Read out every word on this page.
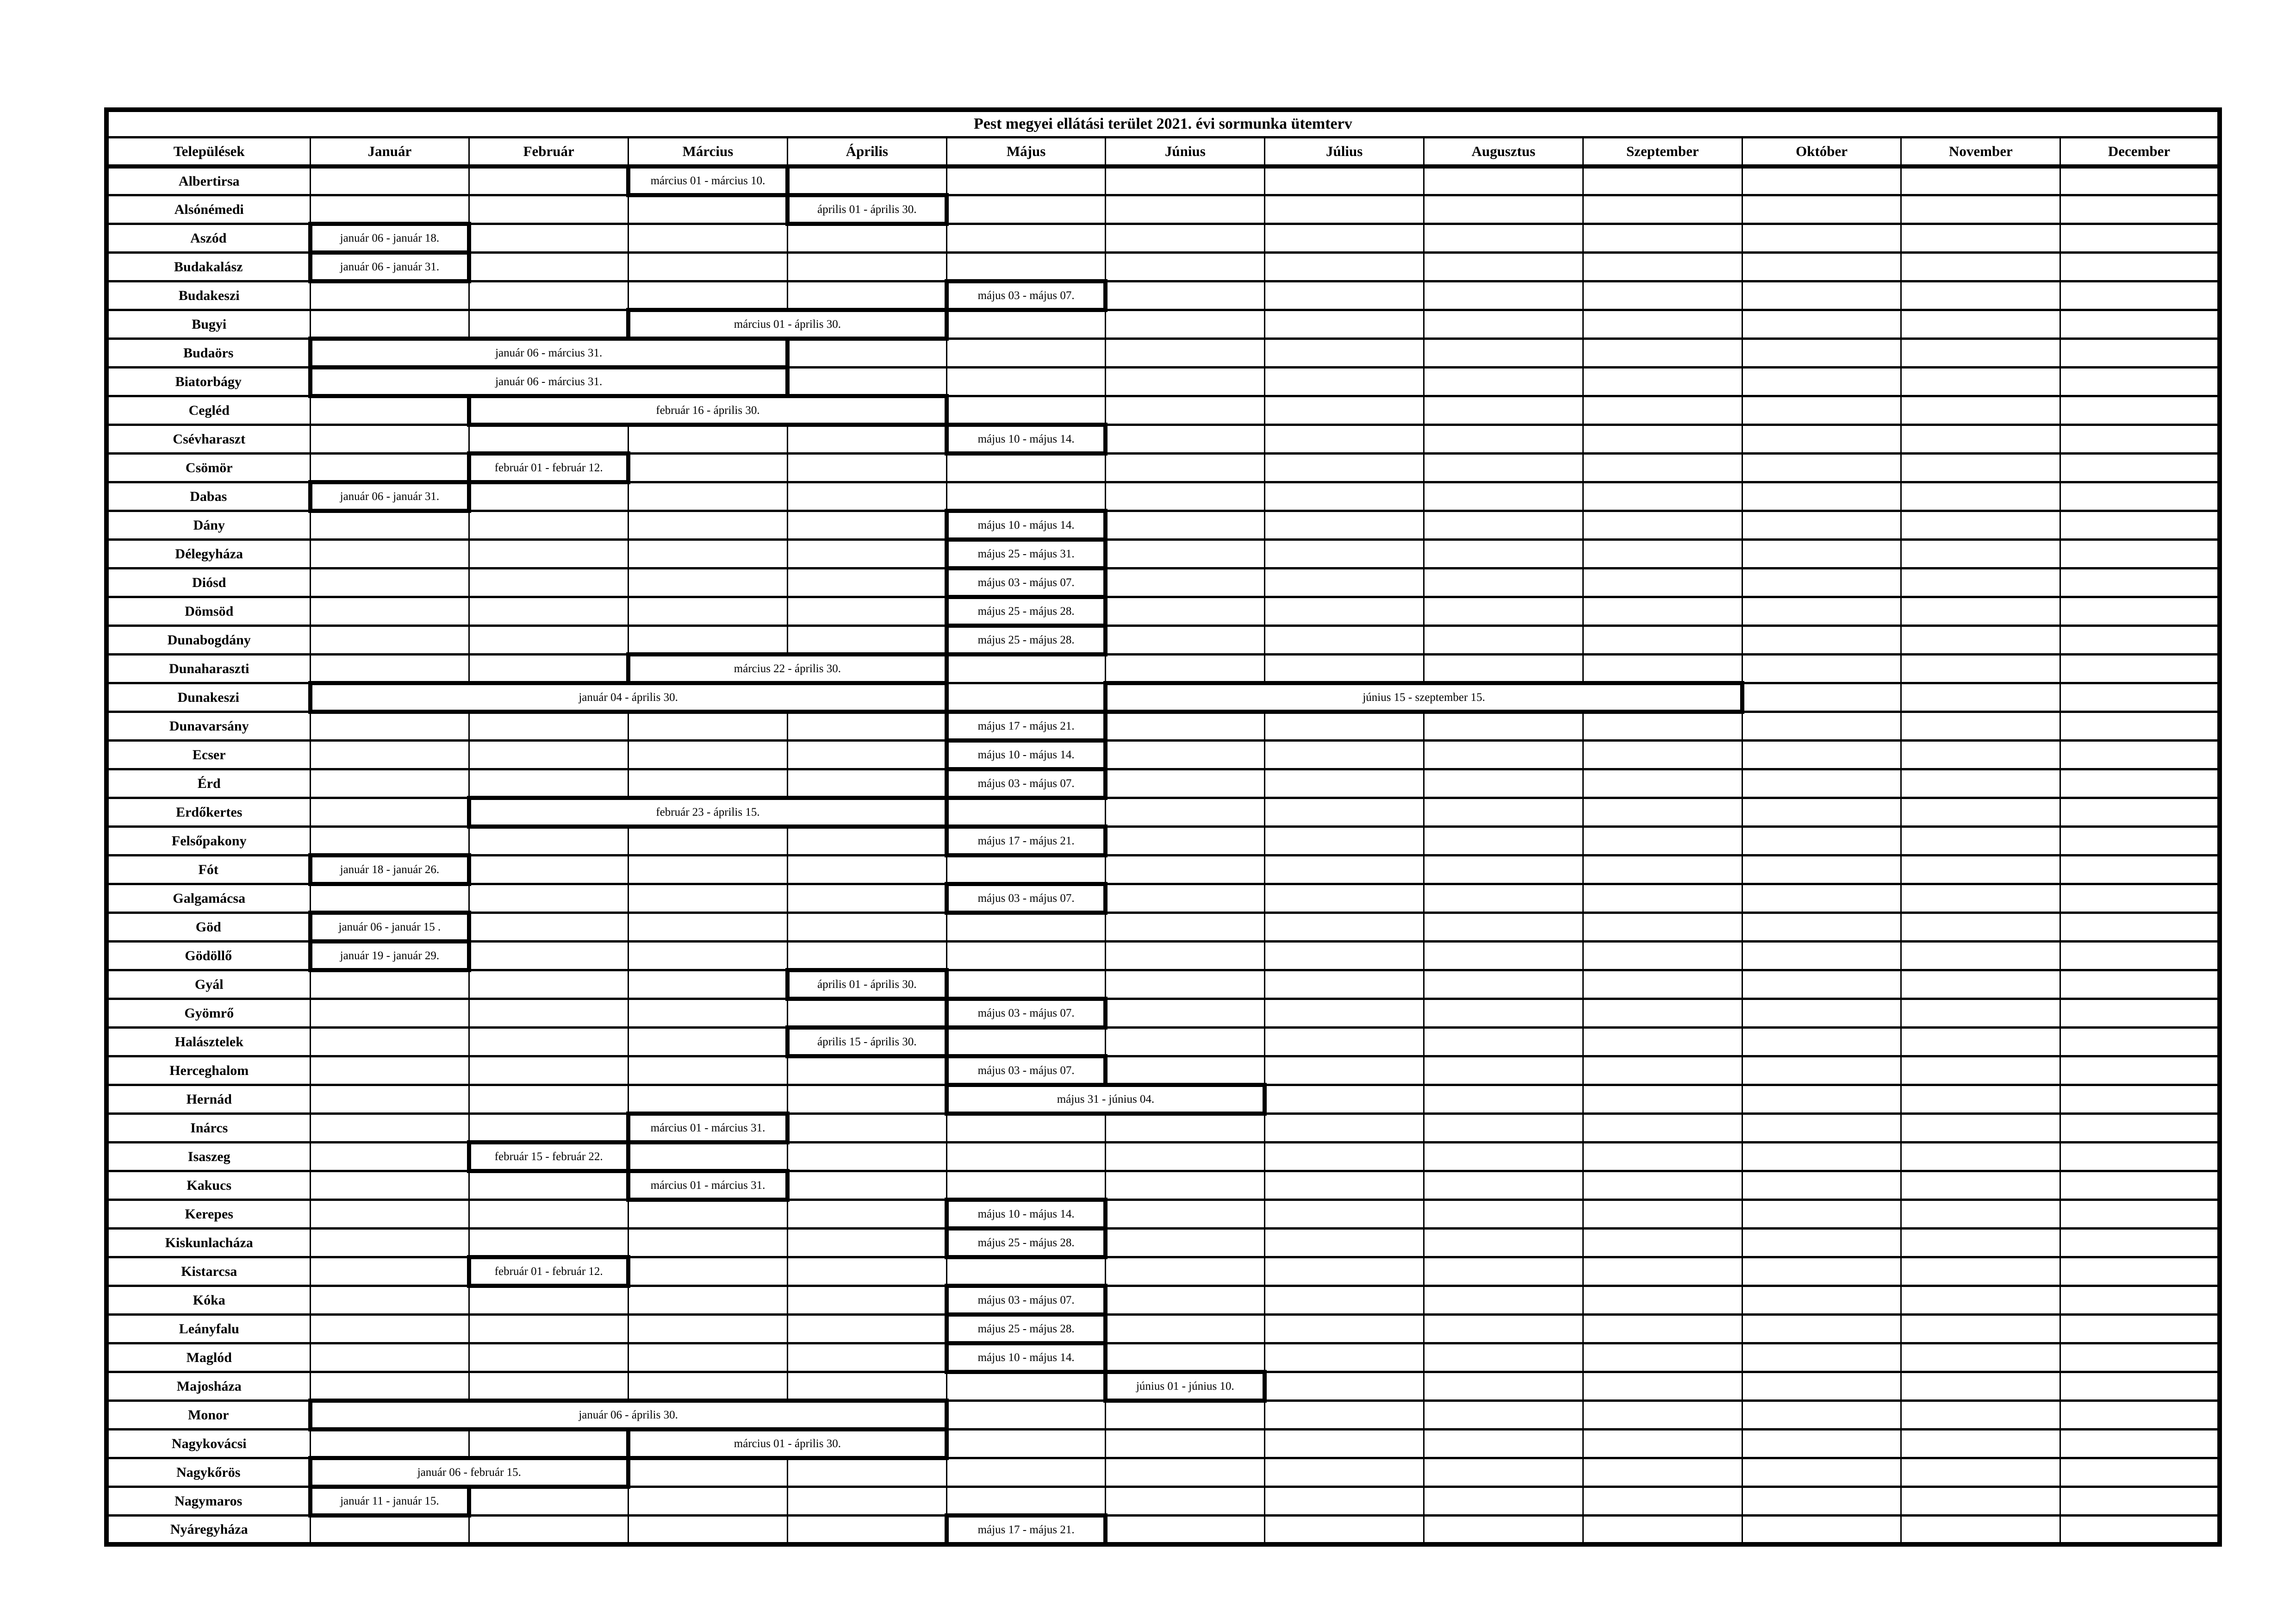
Pest megyei ellátási terület 2021. évi sormunka ütemterv												
Települések	Január	Február	Március	Április	Május	Június	Július	Augusztus	Szeptember	Október	November	December
Albertirsa			március 01 - március 10.									
Alsónémedi				április 01 - április 30.								
Aszód	január 06 - január 18.											
Budakalász	január 06 - január 31.											
Budakeszi					május 03 - május 07.							
Bugyi			március 01 - április 30.									
Budaörs	január 06 - március 31.											
Biatorbágy	január 06 - március 31.											
Cegléd		február 16 - április 30.										
Csévharaszt					május 10 - május 14.							
Csömör		február 01 - február 12.										
Dabas	január 06 - január 31.											
Dány					május 10 - május 14.							
Délegyháza					május 25 - május 31.							
Diósd					május 03 - május 07.							
Dömsöd					május 25 - május 28.							
Dunabogdány					május 25 - május 28.							
Dunaharaszti			március 22 - április 30.									
Dunakeszi	január 04 - április 30.					június 15 - szeptember 15.						
Dunavarsány					május 17 - május 21.							
Ecser					május 10 - május 14.							
Érd					május 03 - május 07.							
Erdőkertes		február 23 - április 15.										
Felsőpakony					május 17 - május 21.							
Fót	január 18 - január 26.											
Galgamácsa					május 03 - május 07.							
Göd	január 06 - január 15 .											
Gödöllő	január 19 - január 29.											
Gyál				április 01 - április 30.								
Gyömrő					május 03 - május 07.							
Halásztelek				április 15 - április 30.								
Herceghalom					május 03 - május 07.							
Hernád					május 31 - június 04.							
Inárcs			március 01 - március 31.									
Isaszeg		február 15 - február 22.										
Kakucs			március 01 - március 31.									
Kerepes					május 10 - május 14.							
Kiskunlacháza					május 25 - május 28.							
Kistarcsa		február 01 - február 12.										
Kóka					május 03 - május 07.							
Leányfalu					május 25 - május 28.							
Maglód					május 10 - május 14.							
Majosháza						június 01 - június 10.						
Monor	január 06 - április 30.											
Nagykovácsi			március 01 - április 30.									
Nagykőrös	január 06 - február 15.											
Nagymaros	január 11 - január 15.											
Nyáregyháza					május 17 - május 21.							
